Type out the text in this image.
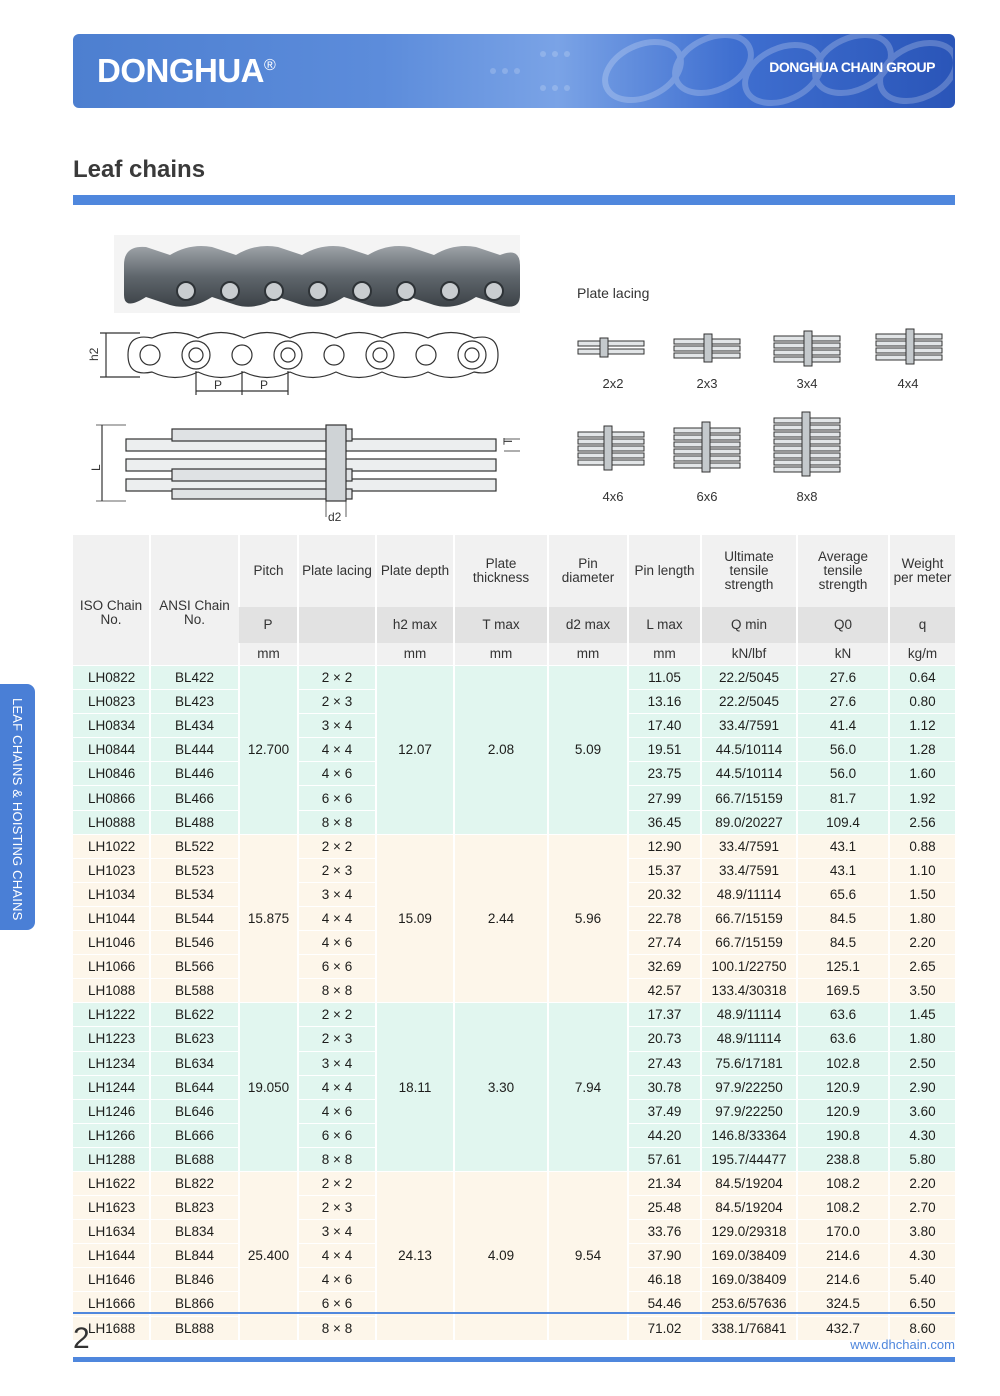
DONGHUA®	DONGHUA CHAIN GROUP
Leaf chains
LEAF CHAINS & HOISTING CHAINS
h2
P	P
L
T
d2
Plate lacing
2x2	2x3	3x4	4x4
4x6	6x6	8x8
ISO Chain No.	ANSI Chain No.	Pitch	Plate lacing	Plate depth	Plate thickness	Pin diameter	Pin length	Ultimate tensile strength	Average tensile strength	Weight per meter
		P		h2 max	T max	d2 max	L max	Q min	Q0	q
		mm		mm	mm	mm	mm	kN/lbf	kN	kg/m
LH0822	BL422	12.700	2 × 2	12.07	2.08	5.09	11.05	22.2/5045	27.6	0.64
LH0823	BL423		2 × 3				13.16	22.2/5045	27.6	0.80
LH0834	BL434		3 × 4				17.40	33.4/7591	41.4	1.12
LH0844	BL444		4 × 4				19.51	44.5/10114	56.0	1.28
LH0846	BL446		4 × 6				23.75	44.5/10114	56.0	1.60
LH0866	BL466		6 × 6				27.99	66.7/15159	81.7	1.92
LH0888	BL488		8 × 8				36.45	89.0/20227	109.4	2.56
LH1022	BL522	15.875	2 × 2	15.09	2.44	5.96	12.90	33.4/7591	43.1	0.88
LH1023	BL523		2 × 3				15.37	33.4/7591	43.1	1.10
LH1034	BL534		3 × 4				20.32	48.9/11114	65.6	1.50
LH1044	BL544		4 × 4				22.78	66.7/15159	84.5	1.80
LH1046	BL546		4 × 6				27.74	66.7/15159	84.5	2.20
LH1066	BL566		6 × 6				32.69	100.1/22750	125.1	2.65
LH1088	BL588		8 × 8				42.57	133.4/30318	169.5	3.50
LH1222	BL622	19.050	2 × 2	18.11	3.30	7.94	17.37	48.9/11114	63.6	1.45
LH1223	BL623		2 × 3				20.73	48.9/11114	63.6	1.80
LH1234	BL634		3 × 4				27.43	75.6/17181	102.8	2.50
LH1244	BL644		4 × 4				30.78	97.9/22250	120.9	2.90
LH1246	BL646		4 × 6				37.49	97.9/22250	120.9	3.60
LH1266	BL666		6 × 6				44.20	146.8/33364	190.8	4.30
LH1288	BL688		8 × 8				57.61	195.7/44477	238.8	5.80
LH1622	BL822	25.400	2 × 2	24.13	4.09	9.54	21.34	84.5/19204	108.2	2.20
LH1623	BL823		2 × 3				25.48	84.5/19204	108.2	2.70
LH1634	BL834		3 × 4				33.76	129.0/29318	170.0	3.80
LH1644	BL844		4 × 4				37.90	169.0/38409	214.6	4.30
LH1646	BL846		4 × 6				46.18	169.0/38409	214.6	5.40
LH1666	BL866		6 × 6				54.46	253.6/57636	324.5	6.50
LH1688	BL888		8 × 8				71.02	338.1/76841	432.7	8.60
2	www.dhchain.com
